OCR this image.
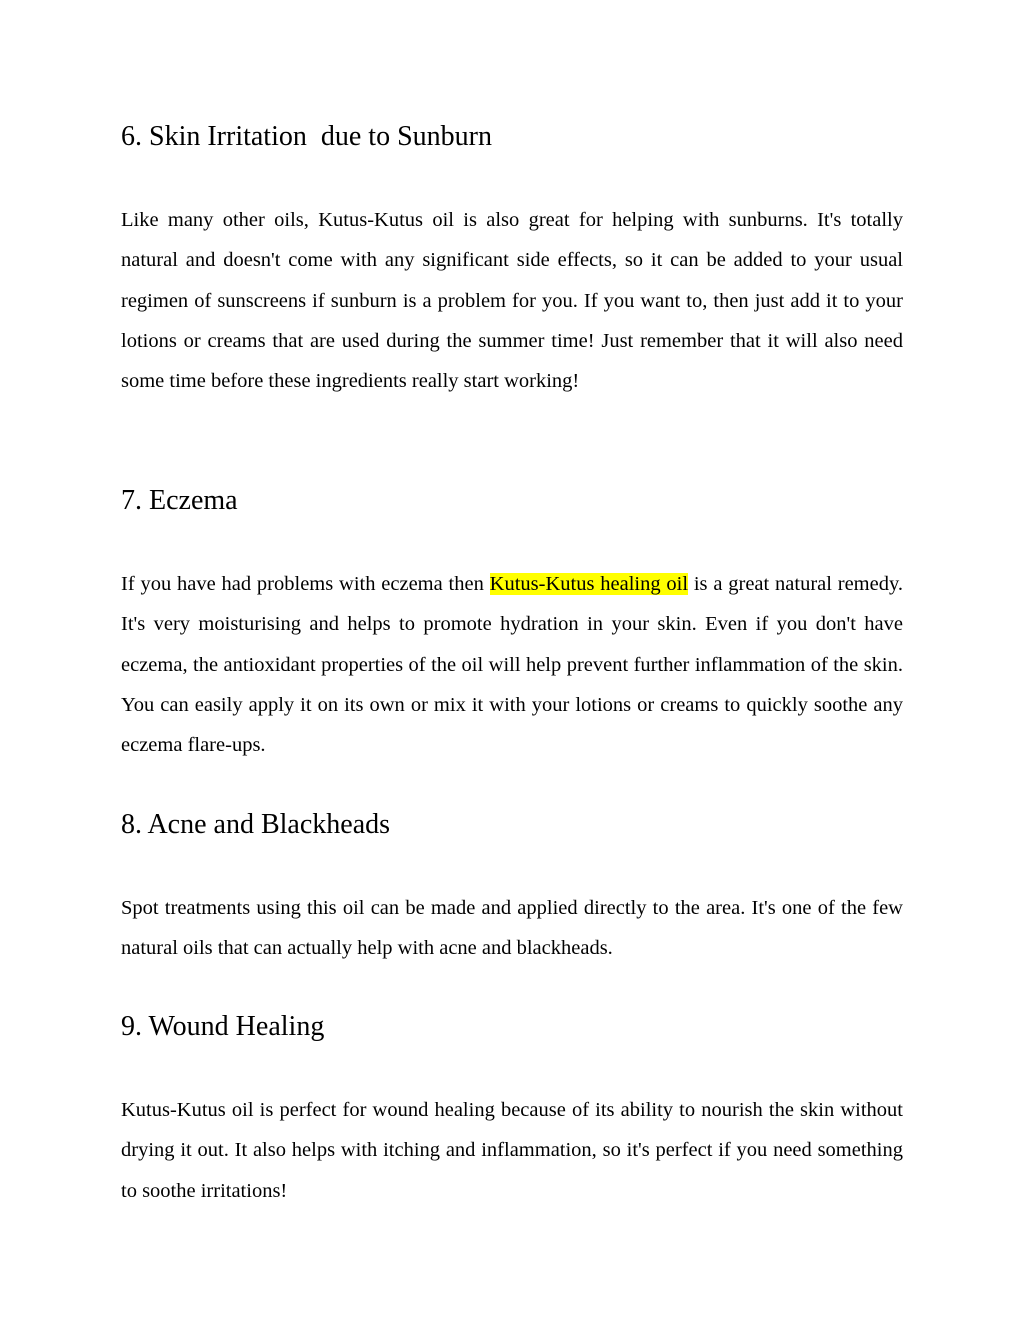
6. Skin Irritation  due to Sunburn

Like many other oils, Kutus-Kutus oil is also great for helping with sunburns. It's totally natural and doesn't come with any significant side effects, so it can be added to your usual regimen of sunscreens if sunburn is a problem for you. If you want to, then just add it to your lotions or creams that are used during the summer time! Just remember that it will also need some time before these ingredients really start working!

7. Eczema

If you have had problems with eczema then Kutus-Kutus healing oil is a great natural remedy. It's very moisturising and helps to promote hydration in your skin. Even if you don't have eczema, the antioxidant properties of the oil will help prevent further inflammation of the skin. You can easily apply it on its own or mix it with your lotions or creams to quickly soothe any eczema flare-ups.

8. Acne and Blackheads

Spot treatments using this oil can be made and applied directly to the area. It's one of the few natural oils that can actually help with acne and blackheads.

9. Wound Healing

Kutus-Kutus oil is perfect for wound healing because of its ability to nourish the skin without drying it out. It also helps with itching and inflammation, so it's perfect if you need something to soothe irritations!
